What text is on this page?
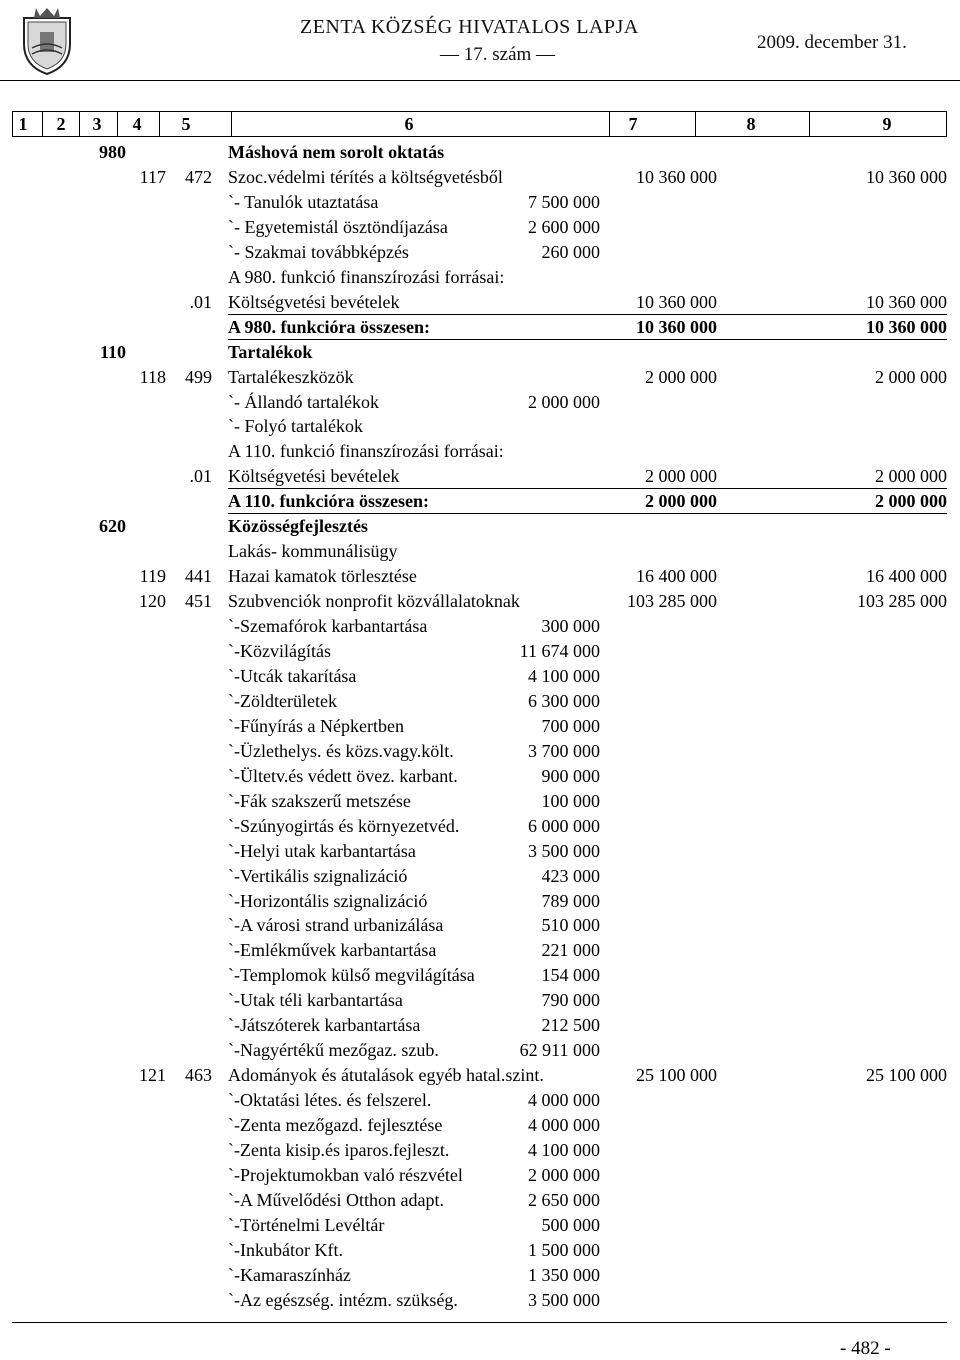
ZENTA KÖZSÉG HIVATALOS LAPJA
― 17. szám ―
2009. december 31.
1	2	3	4	5	6	7	8	9
980	Máshová nem sorolt oktatás
117	472 Szoc.védelmi térítés a költségvetésből	10 360 000	10 360 000
`- Tanulók utaztatása	7 500 000
`- Egyetemistál ösztöndíjazása	2 600 000
`- Szakmai továbbképzés	260 000
A 980. funkció finanszírozási forrásai:
.01 Költségvetési bevételek	10 360 000	10 360 000
A 980. funkcióra összesen:	10 360 000	10 360 000
110	Tartalékok
118	499 Tartalékeszközök	2 000 000	2 000 000
`- Állandó tartalékok	2 000 000
`- Folyó tartalékok
A 110. funkció finanszírozási forrásai:
.01 Költségvetési bevételek	2 000 000	2 000 000
A 110. funkcióra összesen:	2 000 000	2 000 000
620	Közösségfejlesztés
Lakás- kommunálisügy
119	441 Hazai kamatok törlesztése	16 400 000	16 400 000
120	451 Szubvenciók nonprofit közvállalatoknak	103 285 000	103 285 000
`-Szemafórok karbantartása	300 000
`-Közvilágítás	11 674 000
`-Utcák takarítása	4 100 000
`-Zöldterületek	6 300 000
`-Fűnyírás a Népkertben	700 000
`-Üzlethelys. és közs.vagy.költ.	3 700 000
`-Ültetv.és védett övez. karbant.	900 000
`-Fák szakszerű metszése	100 000
`-Szúnyogirtás és környezetvéd.	6 000 000
`-Helyi utak karbantartása	3 500 000
`-Vertikális szignalizáció	423 000
`-Horizontális szignalizáció	789 000
`-A városi strand urbanizálása	510 000
`-Emlékművek karbantartása	221 000
`-Templomok külső megvilágítása	154 000
`-Utak téli karbantartása	790 000
`-Játszóterek karbantartása	212 500
`-Nagyértékű mezőgaz. szub.	62 911 000
121	463 Adományok és átutalások egyéb hatal.szint.	25 100 000	25 100 000
`-Oktatási létes. és felszerel.	4 000 000
`-Zenta mezőgazd. fejlesztése	4 000 000
`-Zenta kisip.és iparos.fejleszt.	4 100 000
`-Projektumokban való részvétel	2 000 000
`-A Művelődési Otthon adapt.	2 650 000
`-Történelmi Levéltár	500 000
`-Inkubátor Kft.	1 500 000
`-Kamaraszínház	1 350 000
`-Az egészség. intézm. szükség.	3 500 000
- 482 -
